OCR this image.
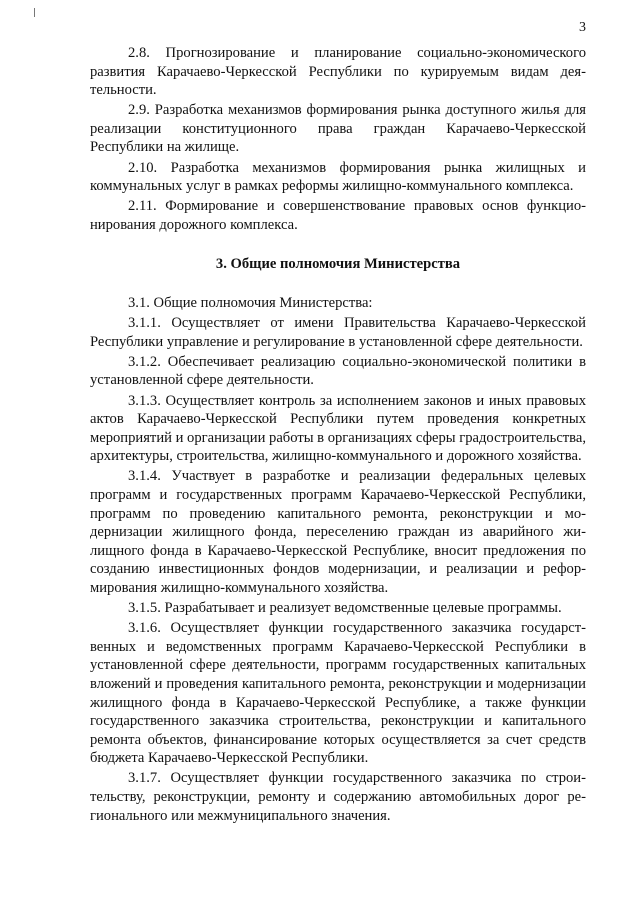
3

2.8. Прогнозирование и планирование социально-экономического развития Карачаево-Черкесской Республики по курируемым видам деятельности.

2.9. Разработка механизмов формирования рынка доступного жилья для реализации конституционного права граждан Карачаево-Черкесской Республики на жилище.

2.10. Разработка механизмов формирования рынка жилищных и коммунальных услуг в рамках реформы жилищно-коммунального комплекса.

2.11. Формирование и совершенствование правовых основ функционирования дорожного комплекса.

3. Общие полномочия Министерства

3.1. Общие полномочия Министерства:

3.1.1. Осуществляет от имени Правительства Карачаево-Черкесской Республики управление и регулирование в установленной сфере деятельности.

3.1.2. Обеспечивает реализацию социально-экономической политики в установленной сфере деятельности.

3.1.3. Осуществляет контроль за исполнением законов и иных правовых актов Карачаево-Черкесской Республики путем проведения конкретных мероприятий и организации работы в организациях сферы градостроительства, архитектуры, строительства, жилищно-коммунального и дорожного хозяйства.

3.1.4. Участвует в разработке и реализации федеральных целевых программ и государственных программ Карачаево-Черкесской Республики, программ по проведению капитального ремонта, реконструкции и модернизации жилищного фонда, переселению граждан из аварийного жилищного фонда в Карачаево-Черкесской Республике, вносит предложения по созданию инвестиционных фондов модернизации, и реализации и реформирования жилищно-коммунального хозяйства.

3.1.5. Разрабатывает и реализует ведомственные целевые программы.

3.1.6. Осуществляет функции государственного заказчика государственных и ведомственных программ Карачаево-Черкесской Республики в установленной сфере деятельности, программ государственных капитальных вложений и проведения капитального ремонта, реконструкции и модернизации жилищного фонда в Карачаево-Черкесской Республике, а также функции государственного заказчика строительства, реконструкции и капитального ремонта объектов, финансирование которых осуществляется за счет средств бюджета Карачаево-Черкесской Республики.

3.1.7. Осуществляет функции государственного заказчика по строительству, реконструкции, ремонту и содержанию автомобильных дорог регионального или межмуниципального значения.
